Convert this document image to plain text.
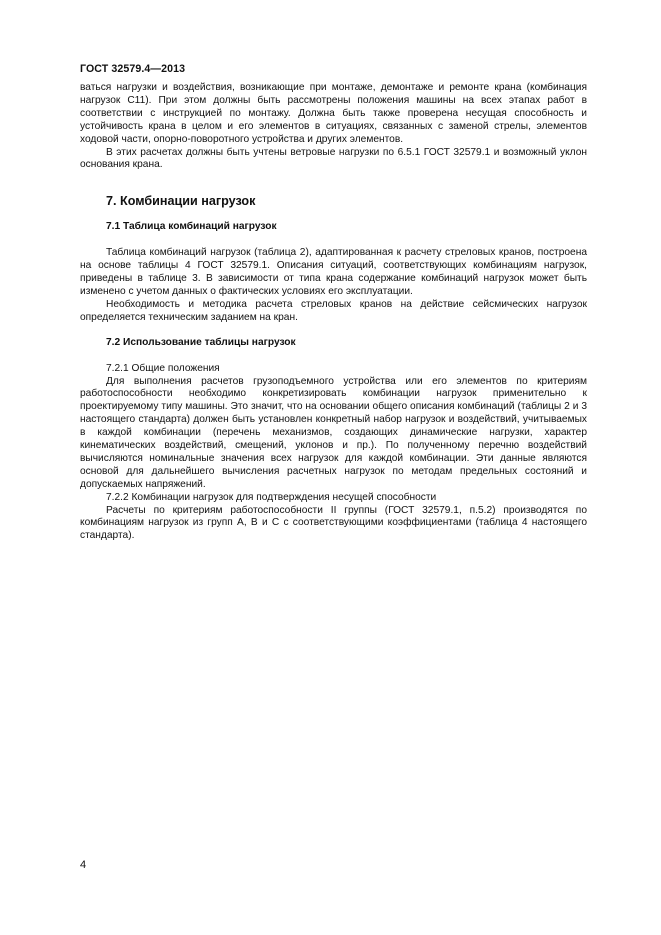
ГОСТ 32579.4—2013

ваться нагрузки и воздействия, возникающие при монтаже, демонтаже и ремонте крана (комбинация нагрузок С11). При этом должны быть рассмотрены положения машины на всех этапах работ в соответствии с инструкцией по монтажу. Должна быть также проверена несущая способность и устойчивость крана в целом и его элементов в ситуациях, связанных с заменой стрелы, элементов ходовой части, опорно-поворотного устройства и других элементов.

В этих расчетах должны быть учтены ветровые нагрузки по 6.5.1 ГОСТ 32579.1 и возможный уклон основания крана.

7. Комбинации нагрузок
7.1 Таблица комбинаций нагрузок

Таблица комбинаций нагрузок (таблица 2), адаптированная к расчету стреловых кранов, построена на основе таблицы 4 ГОСТ 32579.1. Описания ситуаций, соответствующих комбинациям нагрузок, приведены в таблице 3. В зависимости от типа крана содержание комбинаций нагрузок может быть изменено с учетом данных о фактических условиях его эксплуатации.

Необходимость и методика расчета стреловых кранов на действие сейсмических нагрузок определяется техническим заданием на кран.

7.2 Использование таблицы нагрузок

7.2.1 Общие положения

Для выполнения расчетов грузоподъемного устройства или его элементов по критериям работоспособности необходимо конкретизировать комбинации нагрузок применительно к проектируемому типу машины. Это значит, что на основании общего описания комбинаций (таблицы 2 и 3 настоящего стандарта) должен быть установлен конкретный набор нагрузок и воздействий, учитываемых в каждой комбинации (перечень механизмов, создающих динамические нагрузки, характер кинематических воздействий, смещений, уклонов и пр.). По полученному перечню воздействий вычисляются номинальные значения всех нагрузок для каждой комбинации. Эти данные являются основой для дальнейшего вычисления расчетных нагрузок по методам предельных состояний и допускаемых напряжений.

7.2.2 Комбинации нагрузок для подтверждения несущей способности

Расчеты по критериям работоспособности II группы (ГОСТ 32579.1, п.5.2) производятся по комбинациям нагрузок из групп А, В и С с соответствующими коэффициентами (таблица 4 настоящего стандарта).

4
